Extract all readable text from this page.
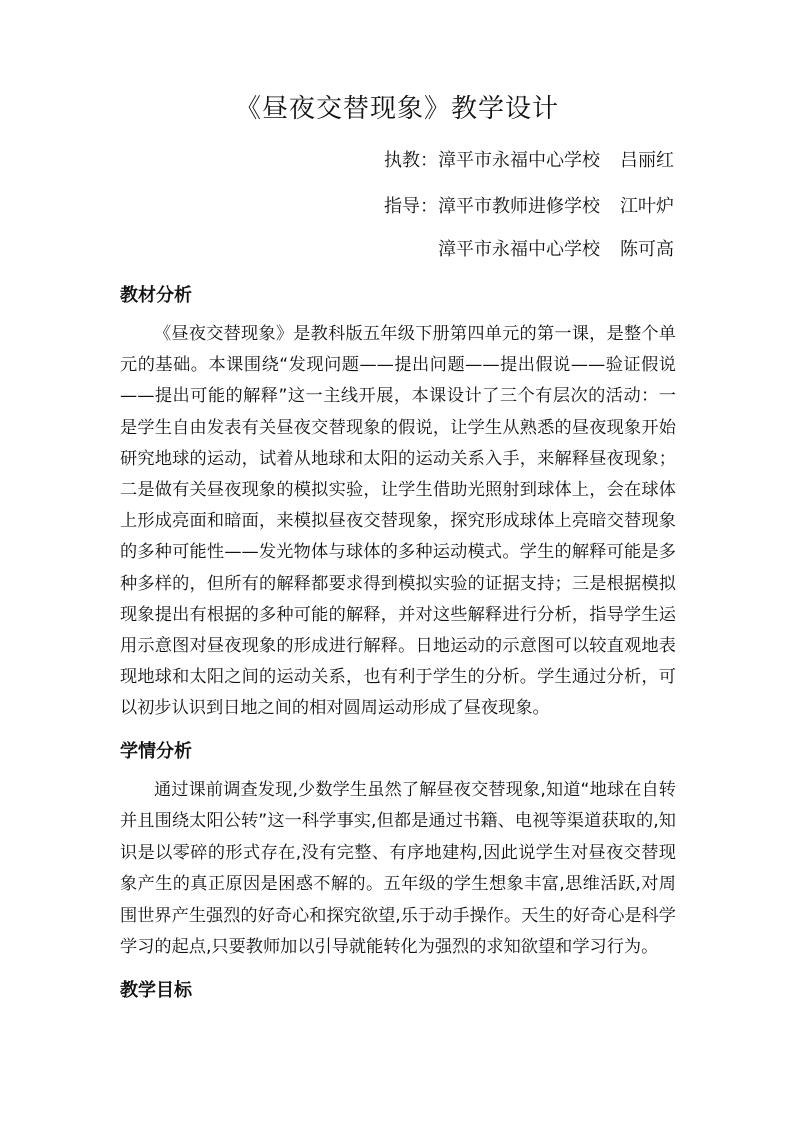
《昼夜交替现象》教学设计
执教：漳平市永福中心学校 吕丽红
指导：漳平市教师进修学校 江叶炉
漳平市永福中心学校 陈可高
教材分析
《昼夜交替现象》是教科版五年级下册第四单元的第一课，是整个单元的基础。本课围绕“发现问题——提出问题——提出假说——验证假说——提出可能的解释”这一主线开展，本课设计了三个有层次的活动：一是学生自由发表有关昼夜交替现象的假说，让学生从熟悉的昼夜现象开始研究地球的运动，试着从地球和太阳的运动关系入手，来解释昼夜现象；二是做有关昼夜现象的模拟实验，让学生借助光照射到球体上，会在球体上形成亮面和暗面，来模拟昼夜交替现象，探究形成球体上亮暗交替现象的多种可能性——发光物体与球体的多种运动模式。学生的解释可能是多种多样的，但所有的解释都要求得到模拟实验的证据支持；三是根据模拟现象提出有根据的多种可能的解释，并对这些解释进行分析，指导学生运用示意图对昼夜现象的形成进行解释。日地运动的示意图可以较直观地表现地球和太阳之间的运动关系，也有利于学生的分析。学生通过分析，可以初步认识到日地之间的相对圆周运动形成了昼夜现象。
学情分析
通过课前调查发现,少数学生虽然了解昼夜交替现象,知道“地球在自转并且围绕太阳公转”这一科学事实,但都是通过书籍、电视等渠道获取的,知识是以零碎的形式存在,没有完整、有序地建构,因此说学生对昼夜交替现象产生的真正原因是困惑不解的。五年级的学生想象丰富,思维活跃,对周围世界产生强烈的好奇心和探究欲望,乐于动手操作。天生的好奇心是科学学习的起点,只要教师加以引导就能转化为强烈的求知欲望和学习行为。
教学目标
